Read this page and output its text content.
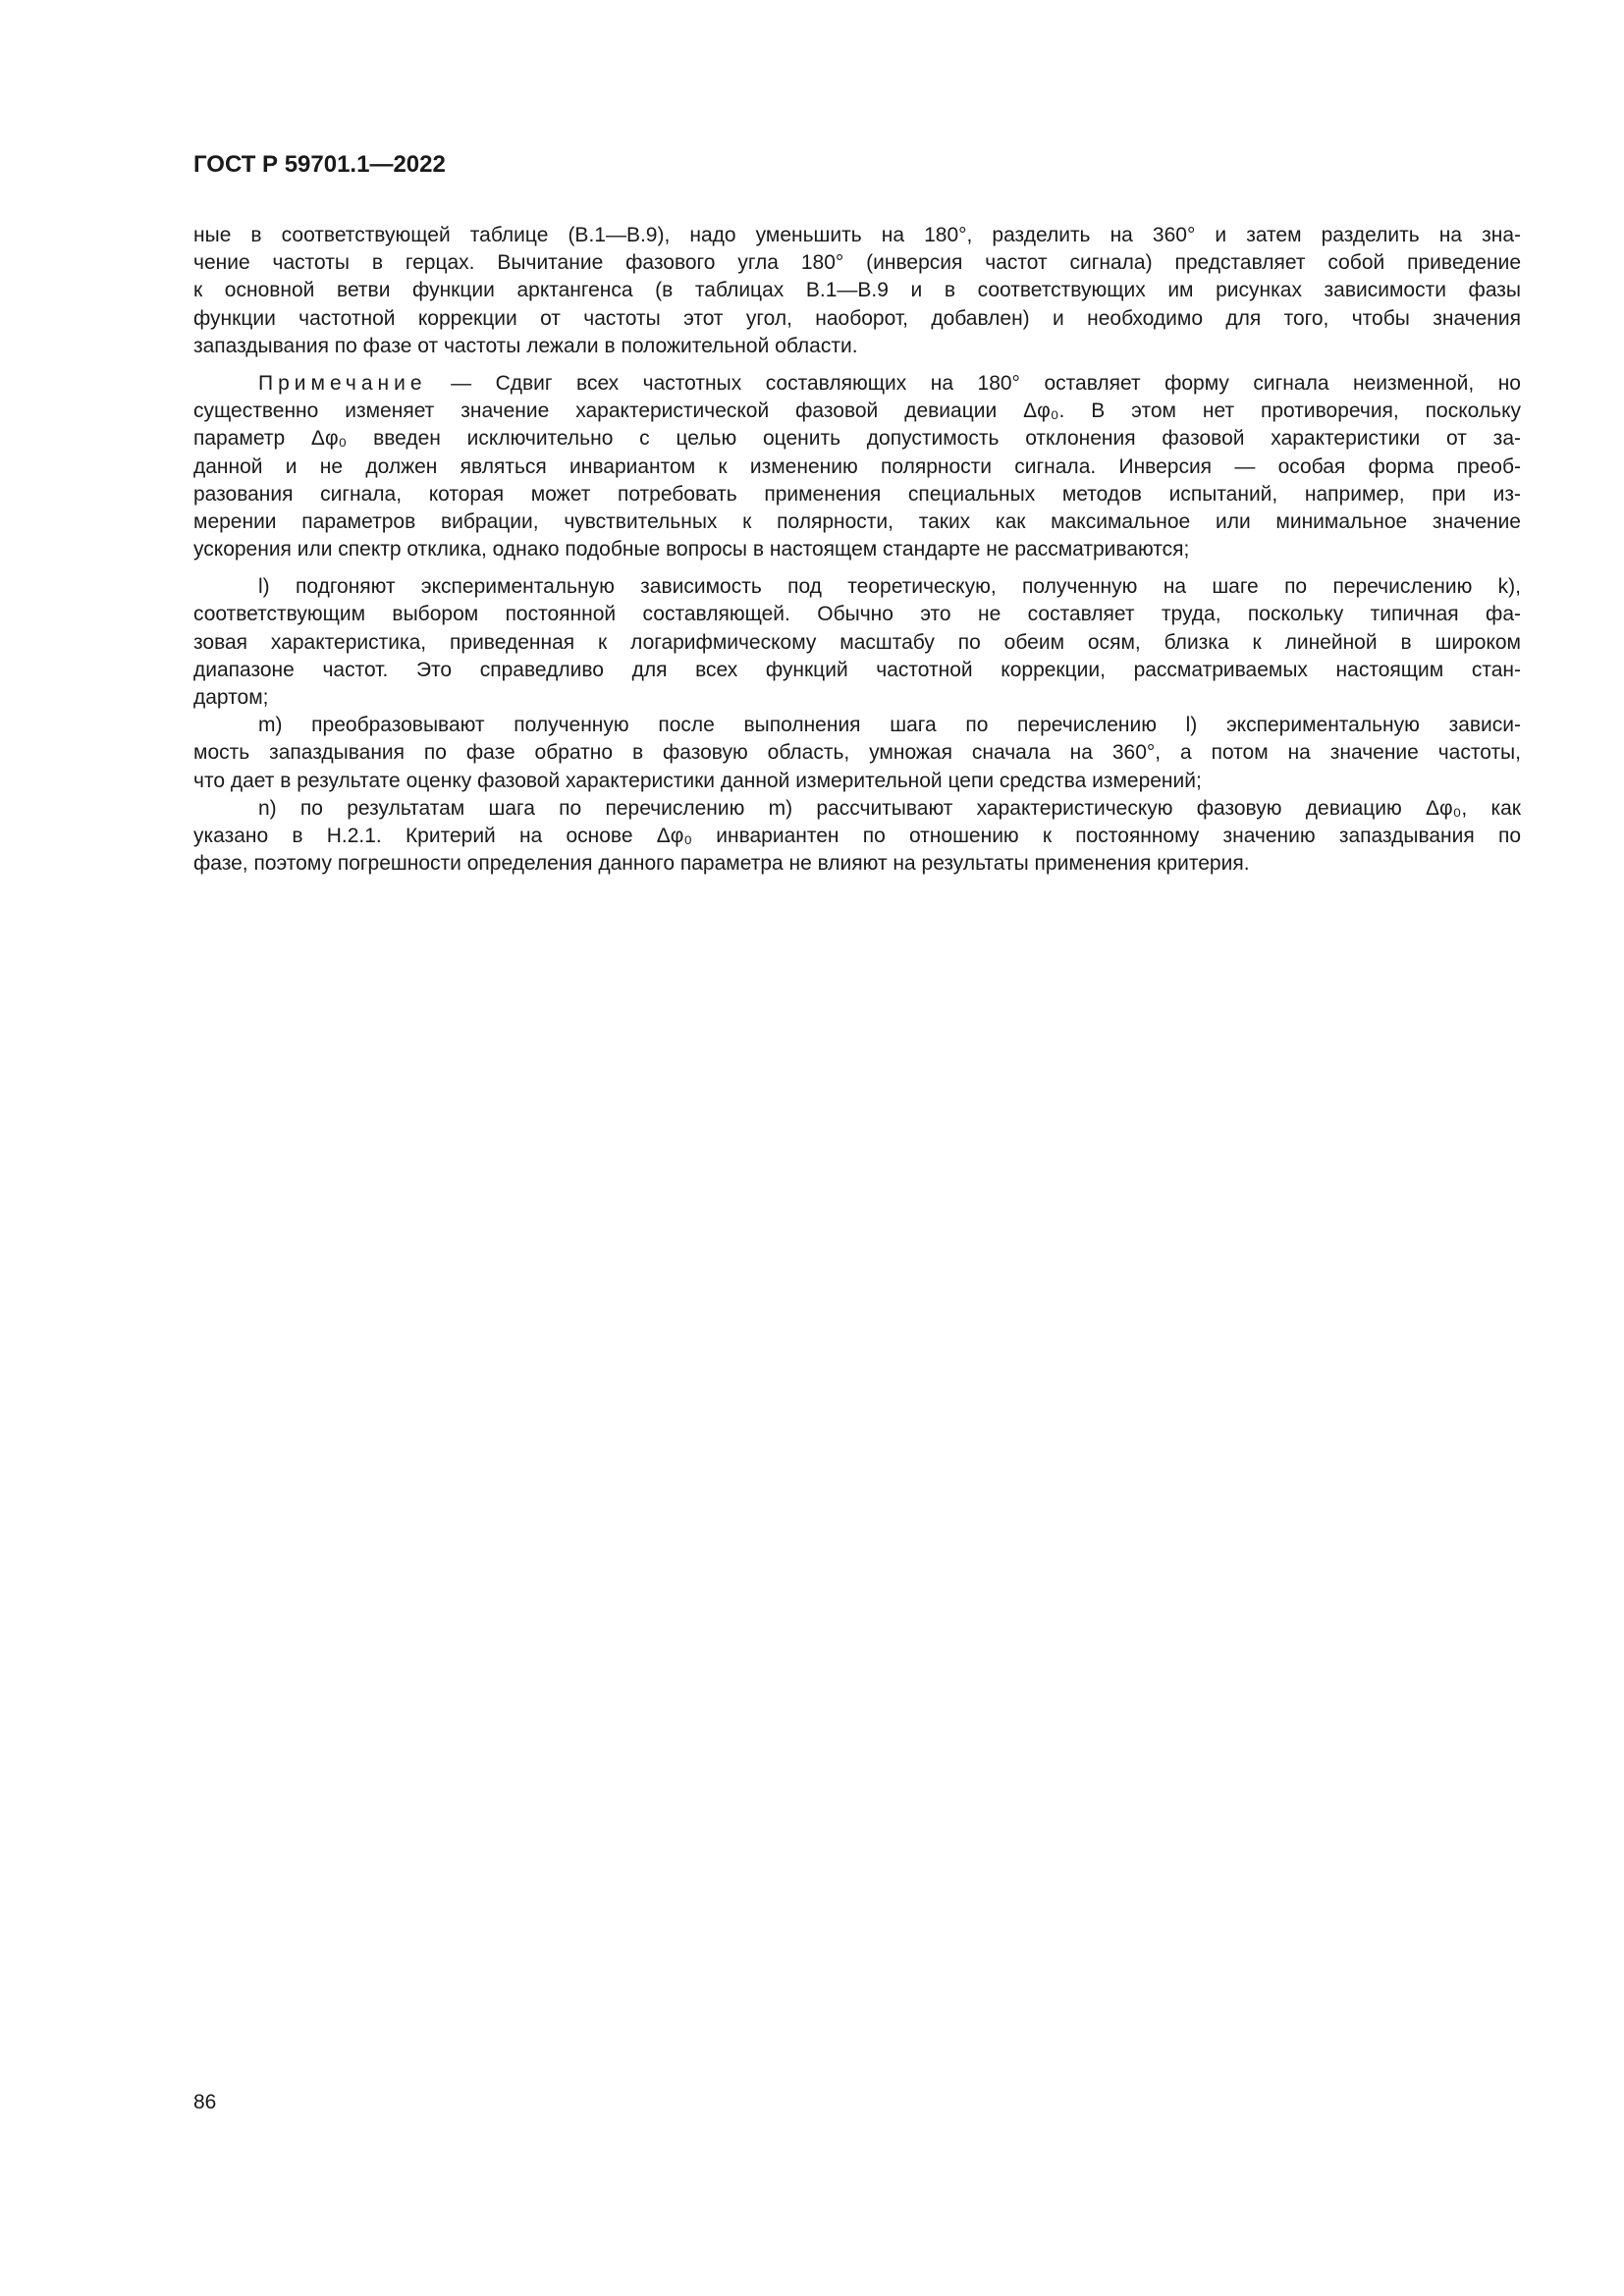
ГОСТ Р 59701.1—2022
ные в соответствующей таблице (В.1—В.9), надо уменьшить на 180°, разделить на 360° и затем разделить на зна-
чение частоты в герцах. Вычитание фазового угла 180° (инверсия частот сигнала) представляет собой приведение
к основной ветви функции арктангенса (в таблицах В.1—В.9 и в соответствующих им рисунках зависимости фазы
функции частотной коррекции от частоты этот угол, наоборот, добавлен) и необходимо для того, чтобы значения
запаздывания по фазе от частоты лежали в положительной области.
Примечание — Сдвиг всех частотных составляющих на 180° оставляет форму сигнала неизменной, но
существенно изменяет значение характеристической фазовой девиации Δφ₀. В этом нет противоречия, поскольку
параметр Δφ₀ введен исключительно с целью оценить допустимость отклонения фазовой характеристики от за-
данной и не должен являться инвариантом к изменению полярности сигнала. Инверсия — особая форма преоб-
разования сигнала, которая может потребовать применения специальных методов испытаний, например, при из-
мерении параметров вибрации, чувствительных к полярности, таких как максимальное или минимальное значение
ускорения или спектр отклика, однако подобные вопросы в настоящем стандарте не рассматриваются;
l) подгоняют экспериментальную зависимость под теоретическую, полученную на шаге по перечислению k),
соответствующим выбором постоянной составляющей. Обычно это не составляет труда, поскольку типичная фа-
зовая характеристика, приведенная к логарифмическому масштабу по обеим осям, близка к линейной в широком
диапазоне частот. Это справедливо для всех функций частотной коррекции, рассматриваемых настоящим стан-
дартом;
m) преобразовывают полученную после выполнения шага по перечислению l) экспериментальную зависи-
мость запаздывания по фазе обратно в фазовую область, умножая сначала на 360°, а потом на значение частоты,
что дает в результате оценку фазовой характеристики данной измерительной цепи средства измерений;
n) по результатам шага по перечислению m) рассчитывают характеристическую фазовую девиацию Δφ₀, как
указано в Н.2.1. Критерий на основе Δφ₀ инвариантен по отношению к постоянному значению запаздывания по
фазе, поэтому погрешности определения данного параметра не влияют на результаты применения критерия.
86
